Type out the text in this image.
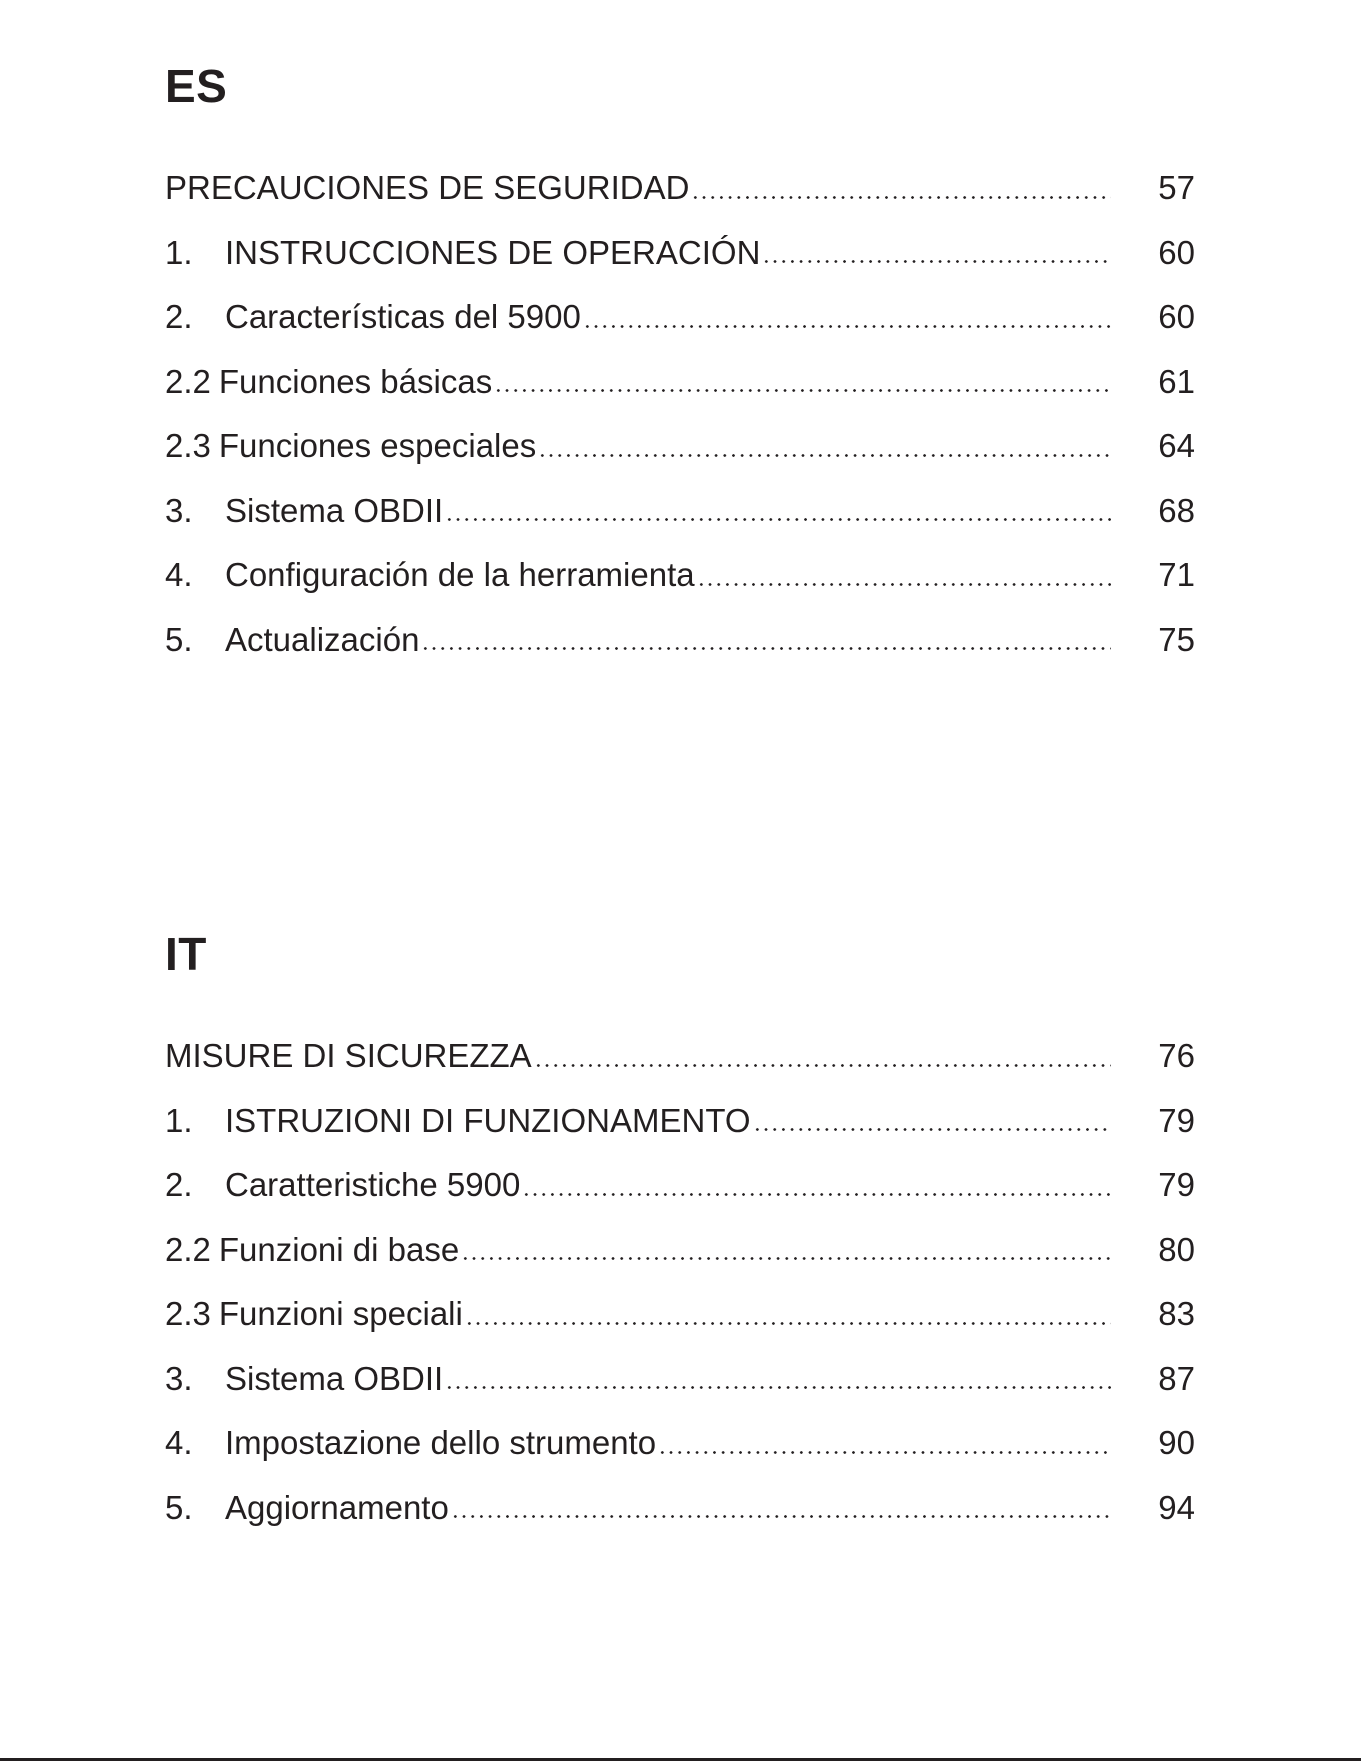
ES
PRECAUCIONES DE SEGURIDAD	57
1. INSTRUCCIONES DE OPERACIÓN	60
2. Características del 5900	60
2.2 Funciones básicas	61
2.3 Funciones especiales	64
3. Sistema OBDII	68
4. Configuración de la herramienta	71
5. Actualización	75
IT
MISURE DI SICUREZZA	76
1. ISTRUZIONI DI FUNZIONAMENTO	79
2. Caratteristiche 5900	79
2.2 Funzioni di base	80
2.3 Funzioni speciali	83
3. Sistema OBDII	87
4. Impostazione dello strumento	90
5. Aggiornamento	94
